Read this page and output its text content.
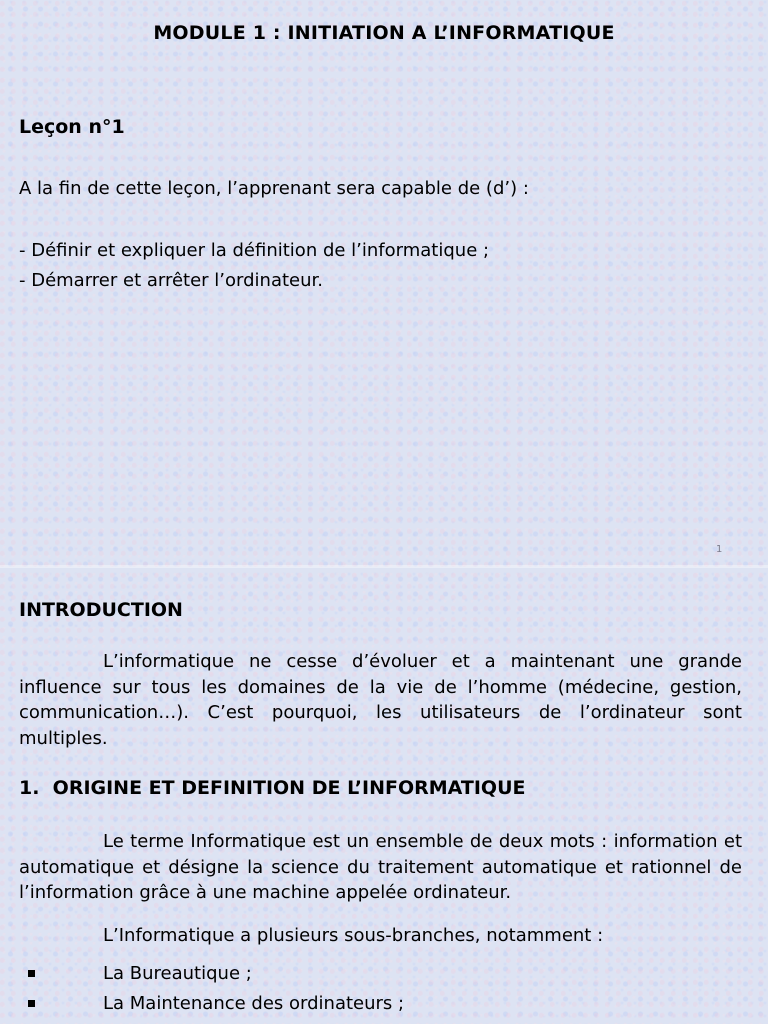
MODULE 1 : INITIATION A L’INFORMATIQUE
Leçon n°1
A la fin de cette leçon, l’apprenant sera capable de (d’) :
- Définir et expliquer la définition de l’informatique ;
- Démarrer et arrêter l’ordinateur.
1
INTRODUCTION

L’informatique ne cesse d’évoluer et a maintenant une grande influence sur tous les domaines de la vie de l’homme (médecine, gestion, communication…). C’est pourquoi, les utilisateurs de l’ordinateur sont multiples.

1.  ORIGINE ET DEFINITION DE L’INFORMATIQUE

Le terme Informatique est un ensemble de deux mots : information et automatique et désigne la science du traitement automatique et rationnel de l’information grâce à une machine appelée ordinateur.

L’Informatique a plusieurs sous-branches, notamment :

La Bureautique ;
La Maintenance des ordinateurs ;
